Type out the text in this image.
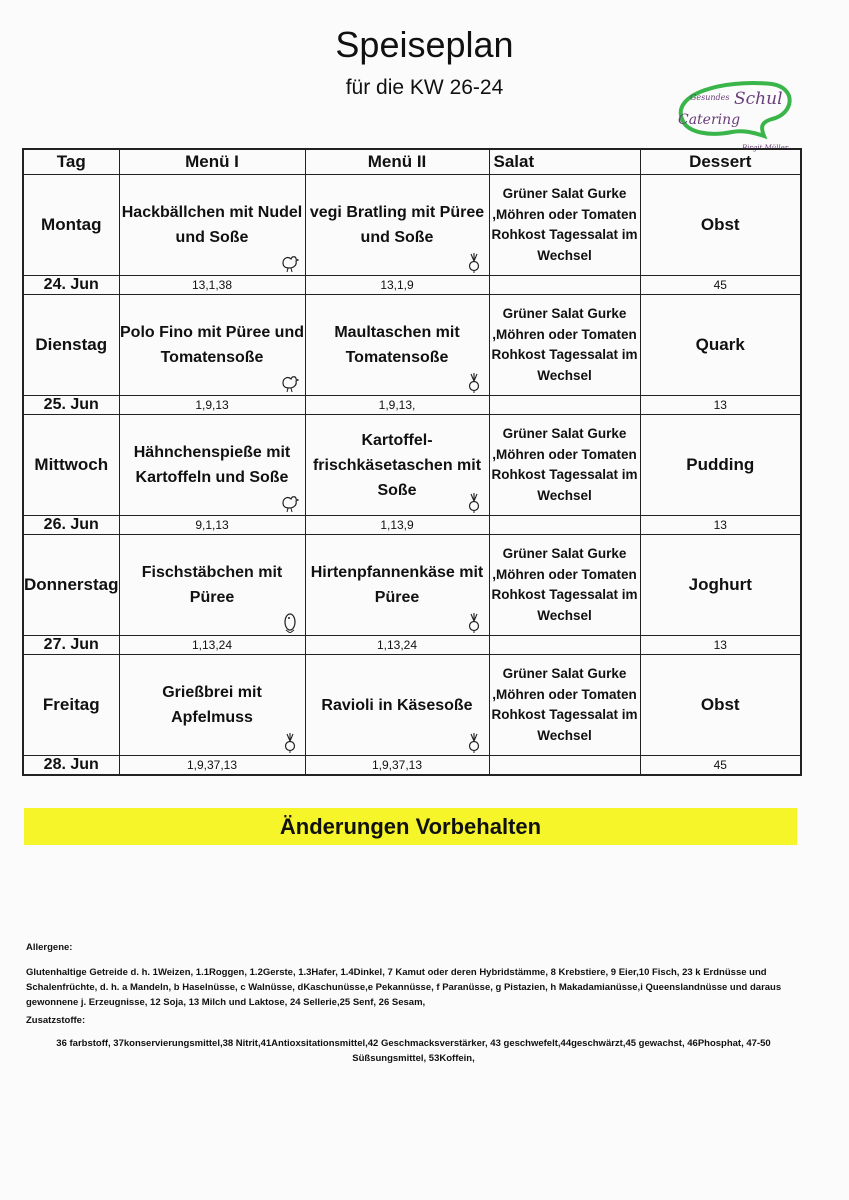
Speiseplan
für die KW 26-24	Gesundes Schul
Catering
Birgit Müller
Tag	Menü I	Menü II	Salat	Dessert
Montag	Hackbällchen mit Nudel und Soße	vegi Bratling mit Püree und Soße	Grüner Salat Gurke ,Möhren oder Tomaten Rohkost Tagessalat im Wechsel	Obst
24. Jun	13,1,38	13,1,9		45
Dienstag	Polo Fino mit Püree und Tomatensoße	Maultaschen mit Tomatensoße	Grüner Salat Gurke ,Möhren oder Tomaten Rohkost Tagessalat im Wechsel	Quark
25. Jun	1,9,13	1,9,13,		13
Mittwoch	Hähnchenspieße mit Kartoffeln und Soße	Kartoffel-frischkäsetaschen mit Soße	Grüner Salat Gurke ,Möhren oder Tomaten Rohkost Tagessalat im Wechsel	Pudding
26. Jun	9,1,13	1,13,9		13
Donnerstag	Fischstäbchen mit Püree	Hirtenpfannenkäse mit Püree	Grüner Salat Gurke ,Möhren oder Tomaten Rohkost Tagessalat im Wechsel	Joghurt
27. Jun	1,13,24	1,13,24		13
Freitag	Grießbrei mit Apfelmuss	Ravioli in Käsesoße	Grüner Salat Gurke ,Möhren oder Tomaten Rohkost Tagessalat im Wechsel	Obst
28. Jun	1,9,37,13	1,9,37,13		45
Änderungen Vorbehalten
Allergene:
Glutenhaltige Getreide d. h. 1Weizen, 1.1Roggen, 1.2Gerste, 1.3Hafer, 1.4Dinkel, 7 Kamut oder deren Hybridstämme, 8 Krebstiere, 9 Eier,10 Fisch, 23 k Erdnüsse und Schalenfrüchte, d. h. a Mandeln, b Haselnüsse, c Walnüsse, dKaschunüsse,e Pekannüsse, f Paranüsse, g Pistazien, h Makadamianüsse,i Queenslandnüsse und daraus gewonnene j. Erzeugnisse, 12 Soja, 13 Milch und Laktose, 24 Sellerie,25 Senf, 26 Sesam,
Zusatzstoffe:
36 farbstoff, 37konservierungsmittel,38 Nitrit,41Antioxsitationsmittel,42 Geschmacksverstärker, 43 geschwefelt,44geschwärzt,45 gewachst, 46Phosphat, 47-50 Süßsungsmittel, 53Koffein,
